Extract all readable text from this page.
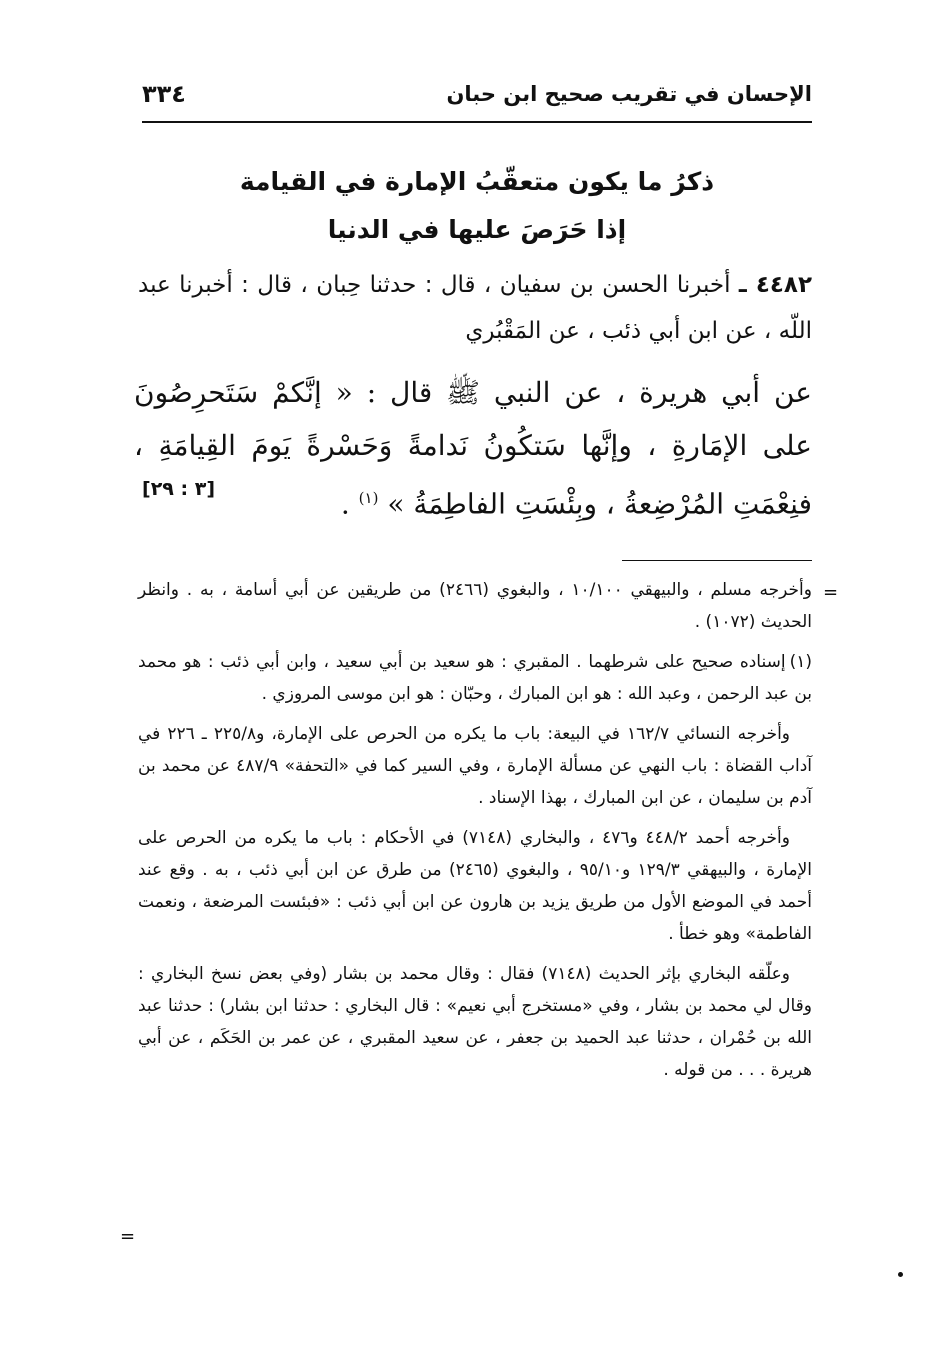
الإحسان في تقريب صحيح ابن حبان
٣٣٤
ذكرُ ما يكون متعقّبُ الإمارة في القيامة
إذا حَرَصَ عليها في الدنيا
٤٤٨٢ ـ أخبرنا الحسن بن سفيان ، قال : حدثنا حِبان ، قال : أخبرنا عبد اللّه ، عن ابن أبي ذئب ، عن المَقْبُري
عن أبي هريرة ، عن النبي ﷺ قال : « إنَّكمْ سَتَحرِصُونَ على الإمَارةِ ، وإنَّها سَتكُونُ نَدامةً وَحَسْرةً يَومَ القِيامَةِ ، فنِعْمَتِ المُرْضِعةُ ، وبِئْسَتِ الفاطِمَةُ » $^{(١)}$ .
[٣ : ٢٩]
=

وأخرجه مسلم ، والبيهقي ١٠/١٠٠ ، والبغوي (٢٤٦٦) من طريقين عن أبي أسامة ، به . وانظر الحديث (١٠٧٢) .

(١)إسناده صحيح على شرطهما . المقبري : هو سعيد بن أبي سعيد ، وابن أبي ذئب : هو محمد بن عبد الرحمن ، وعبد الله : هو ابن المبارك ، وحبّان : هو ابن موسى المروزي .

وأخرجه النسائي ١٦٢/٧ في البيعة: باب ما يكره من الحرص على الإمارة، و٢٢٥/٨ ـ ٢٢٦ في آداب القضاة : باب النهي عن مسألة الإمارة ، وفي السير كما في «التحفة» ٤٨٧/٩ عن محمد بن آدم بن سليمان ، عن ابن المبارك ، بهذا الإسناد .

وأخرجه أحمد ٤٤٨/٢ و٤٧٦ ، والبخاري (٧١٤٨) في الأحكام : باب ما يكره من الحرص على الإمارة ، والبيهقي ١٢٩/٣ و٩٥/١٠ ، والبغوي (٢٤٦٥) من طرق عن ابن أبي ذئب ، به . وقع عند أحمد في الموضع الأول من طريق يزيد بن هارون عن ابن أبي ذئب : «فبئست المرضعة ، ونعمت الفاطمة» وهو خطأ .

وعلّقه البخاري بإثر الحديث (٧١٤٨) فقال : وقال محمد بن بشار (وفي بعض نسخ البخاري : وقال لي محمد بن بشار ، وفي «مستخرج أبي نعيم» : قال البخاري : حدثنا ابن بشار) : حدثنا عبد الله بن حُمْران ، حدثنا عبد الحميد بن جعفر ، عن سعيد المقبري ، عن عمر بن الحَكَم ، عن أبي هريرة . . . من قوله .

=
